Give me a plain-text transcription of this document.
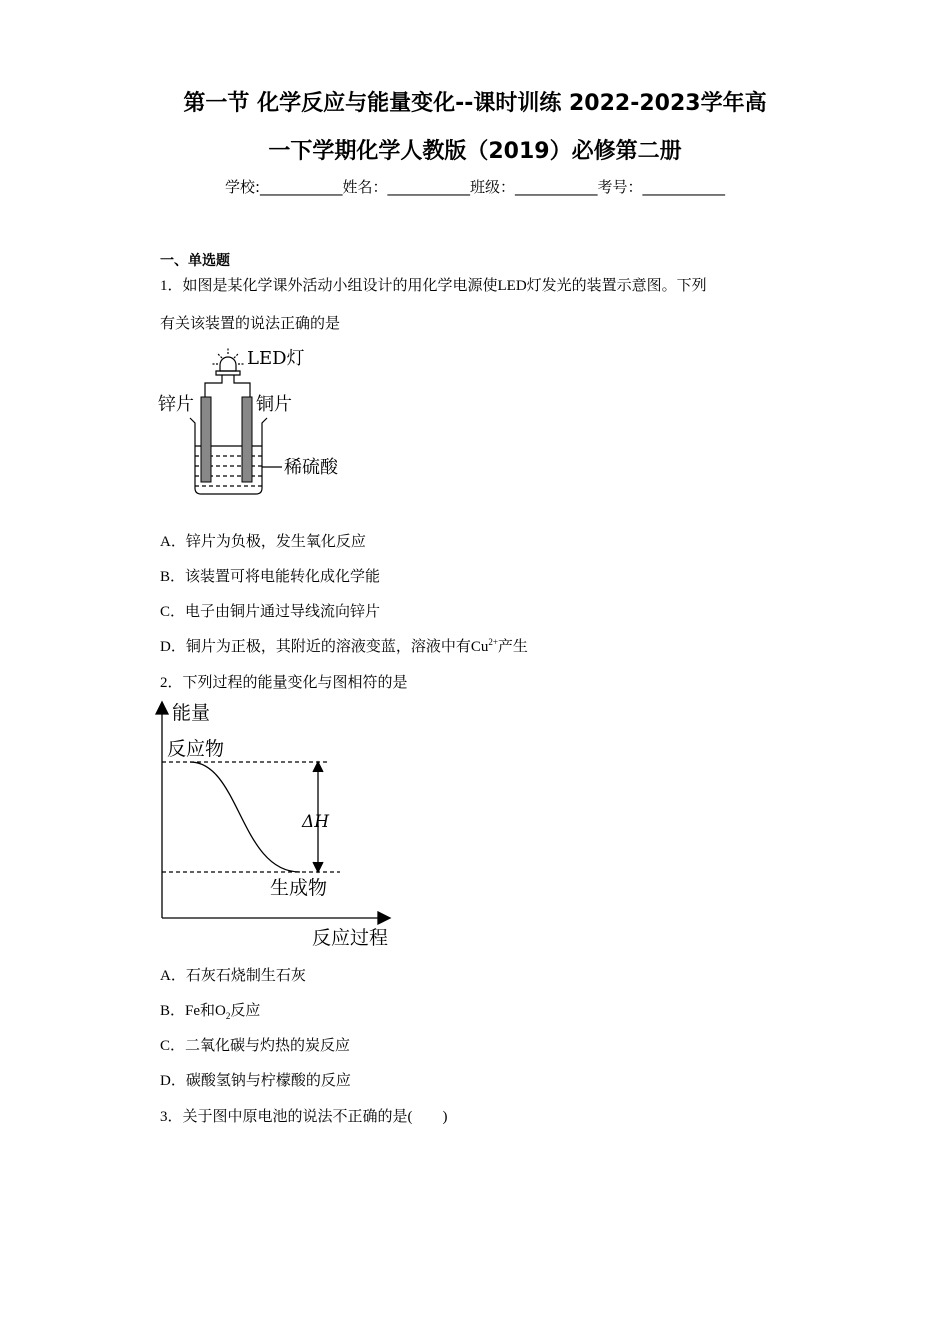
第一节 化学反应与能量变化--课时训练 2022-2023学年高
一下学期化学人教版（2019）必修第二册
学校:___________姓名：___________班级：___________考号：___________
一、单选题
1．如图是某化学课外活动小组设计的用化学电源使LED灯发光的装置示意图。下列
有关该装置的说法正确的是
LED灯
锌片	铜片
稀硫酸
A．锌片为负极，发生氧化反应
B．该装置可将电能转化成化学能
C．电子由铜片通过导线流向锌片
D．铜片为正极，其附近的溶液变蓝，溶液中有$Cu^{2+}$产生
2．下列过程的能量变化与图相符的是
能量
反应物
ΔH
生成物
反应过程
A．石灰石烧制生石灰
B．Fe和$O_2$反应
C．二氧化碳与灼热的炭反应
D．碳酸氢钠与柠檬酸的反应
3．关于图中原电池的说法不正确的是(　　)
